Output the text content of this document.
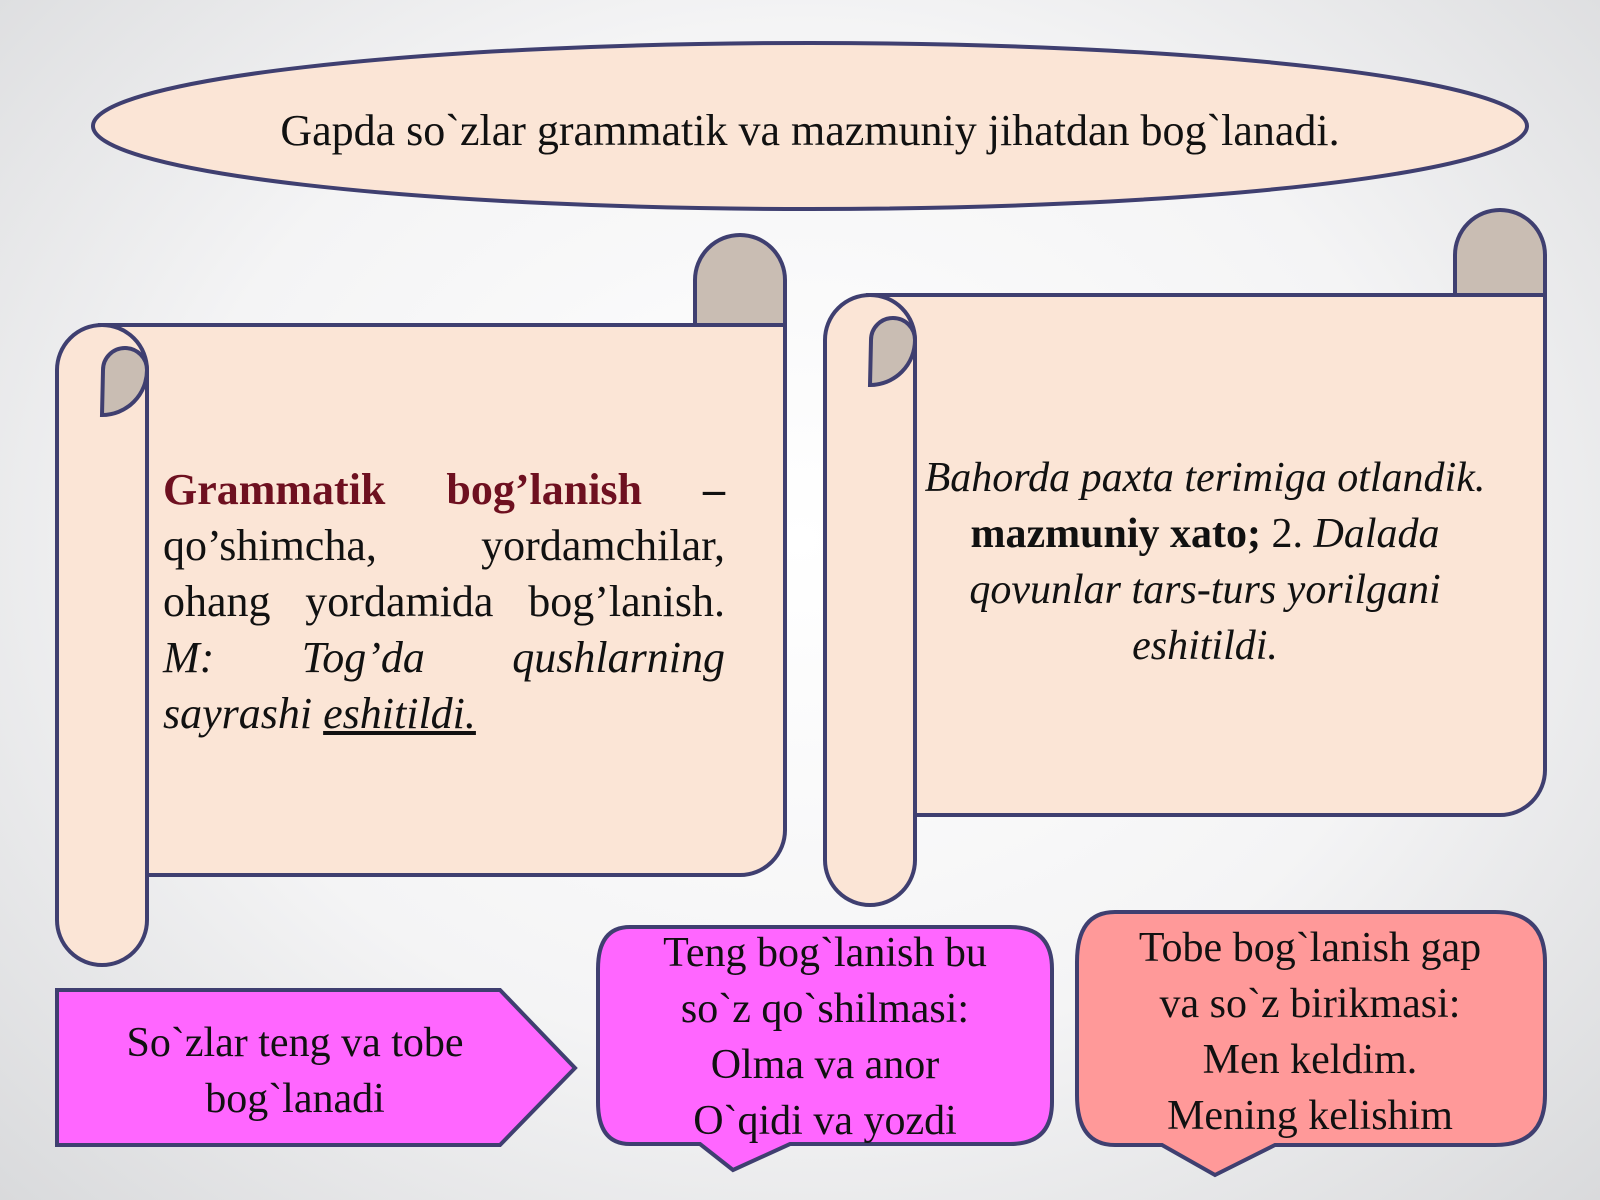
Gapda so`zlar grammatik va mazmuniy jihatdan bog`lanadi.
Grammatik bog’lanish – qo’shimcha, yordamchilar, ohang yordamida bog’lanish. M: Tog’da qushlarning sayrashi eshitildi.
Bahorda paxta terimiga otlandik. mazmuniy xato; 2. Dalada qovunlar tars-turs yorilgani eshitildi.
So`zlar teng va tobe bog`lanadi
Teng bog`lanish bu
so`z qo`shilmasi:
Olma va anor
O`qidi va yozdi
Tobe bog`lanish gap
va so`z birikmasi:
Men keldim.
Mening kelishim
